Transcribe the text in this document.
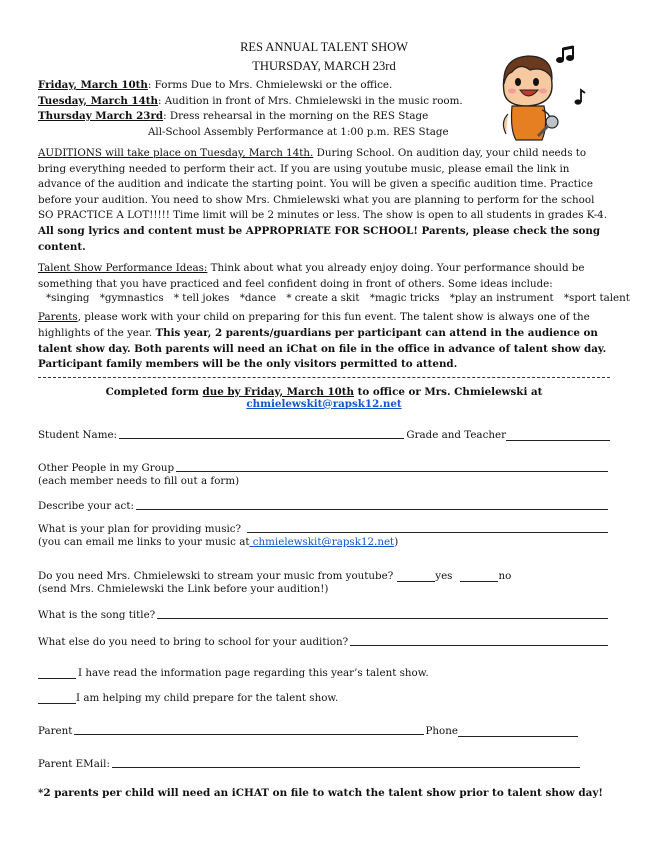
RES ANNUAL TALENT SHOW
THURSDAY, MARCH 23rd
Friday, March 10th: Forms Due to Mrs. Chmielewski or the office.
Tuesday, March 14th: Audition in front of Mrs. Chmielewski in the music room.
Thursday March 23rd: Dress rehearsal in the morning on the RES Stage
All-School Assembly Performance at 1:00 p.m. RES Stage

AUDITIONS will take place on Tuesday, March 14th. During School. On audition day, your child needs to bring everything needed to perform their act. If you are using youtube music, please email the link in advance of the audition and indicate the starting point. You will be given a specific audition time. Practice before your audition. You need to show Mrs. Chmielewski what you are planning to perform for the school SO PRACTICE A LOT!!!!! Time limit will be 2 minutes or less. The show is open to all students in grades K-4. All song lyrics and content must be APPROPRIATE FOR SCHOOL! Parents, please check the song content.

Talent Show Performance Ideas: Think about what you already enjoy doing. Your performance should be something that you have practiced and feel confident doing in front of others. Some ideas include:

*singing *gymnastics * tell jokes *dance * create a skit *magic tricks *play an instrument *sport talent

Parents, please work with your child on preparing for this fun event. The talent show is always one of the highlights of the year. This year, 2 parents/guardians per participant can attend in the audience on talent show day. Both parents will need an iChat on file in the office in advance of talent show day. Participant family members will be the only visitors permitted to attend.

Completed form due by Friday, March 10th to office or Mrs. Chmielewski at chmielewskit@rapsk12.net
Student Name:	Grade and Teacher
Other People in my Group

(each member needs to fill out a form)

Describe your act:
What is your plan for providing music?

(you can email me links to your music at chmielewskit@rapsk12.net)

Do you need Mrs. Chmielewski to stream your music from youtube?	yes	no

(send Mrs. Chmielewski the Link before your audition!)

What is the song title?
What else do you need to bring to school for your audition?
I have read the information page regarding this year’s talent show.
I am helping my child prepare for the talent show.
Parent	Phone
Parent EMail:

*2 parents per child will need an iCHAT on file to watch the talent show prior to talent show day!
